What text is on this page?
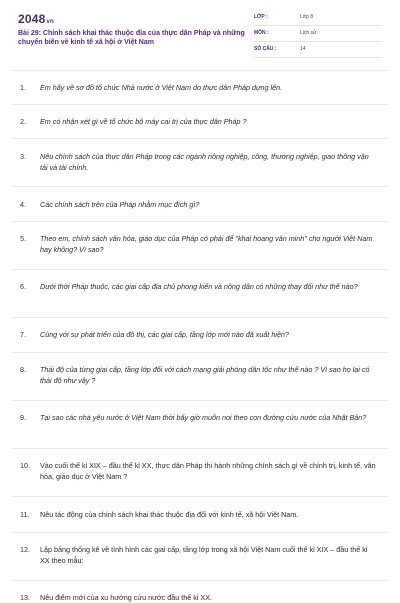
2048vn
Bài 29: Chính sách khai thác thuộc địa của thực dân Pháp và những chuyển biến về kinh tế xã hội ở Việt Nam
LỚP :	Lớp 8
MÔN :	Lịch sử
SỐ CÂU :	14
1.	Em hãy vẽ sơ đồ tổ chức Nhà nước ở Việt Nam do thực dân Pháp dựng lên.
2.	Em có nhận xét gì về tổ chức bộ máy cai trị của thực dân Pháp ?
3.	Nêu chính sách của thực dân Pháp trong các ngành nông nghiệp, công, thương nghiệp, giao thông vận tải và tài chính.
4.	Các chính sách trên của Pháp nhằm mục đích gì?
5.	Theo em, chính sách văn hóa, giáo dục của Pháp có phải để "khai hoang văn minh" cho người Việt Nam hay không? Vì sao?
6.	Dưới thời Pháp thuộc, các giai cấp địa chủ phong kiến và nông dân có những thay đổi như thế nào?
7.	Cùng với sự phát triển của đô thị, các giai cấp, tầng lớp mới nào đã xuất hiện?
8.	Thái độ của từng giai cấp, tầng lớp đối với cách mạng giải phóng dân tộc như thế nào ? Vì sao họ lại có thái độ như vậy ?
9.	Tại sao các nhà yêu nước ở Việt Nam thời bấy giờ muốn noi theo con đường cứu nước của Nhật Bản?
10.	Vào cuối thế kỉ XIX – đầu thế kỉ XX, thực dân Pháp thi hành những chính sách gì về chính trị, kinh tế, văn hóa, giáo dục ở Việt Nam ?
11.	Nêu tác động của chính sách khai thác thuộc địa đối với kinh tế, xã hội Việt Nam.
12.	Lập bảng thống kê về tình hình các giai cấp, tầng lớp trong xã hội Việt Nam cuối thế kỉ XIX – đầu thế kỉ XX theo mẫu:
13.	Nêu điểm mới của xu hướng cứu nước đầu thế kỉ XX.
